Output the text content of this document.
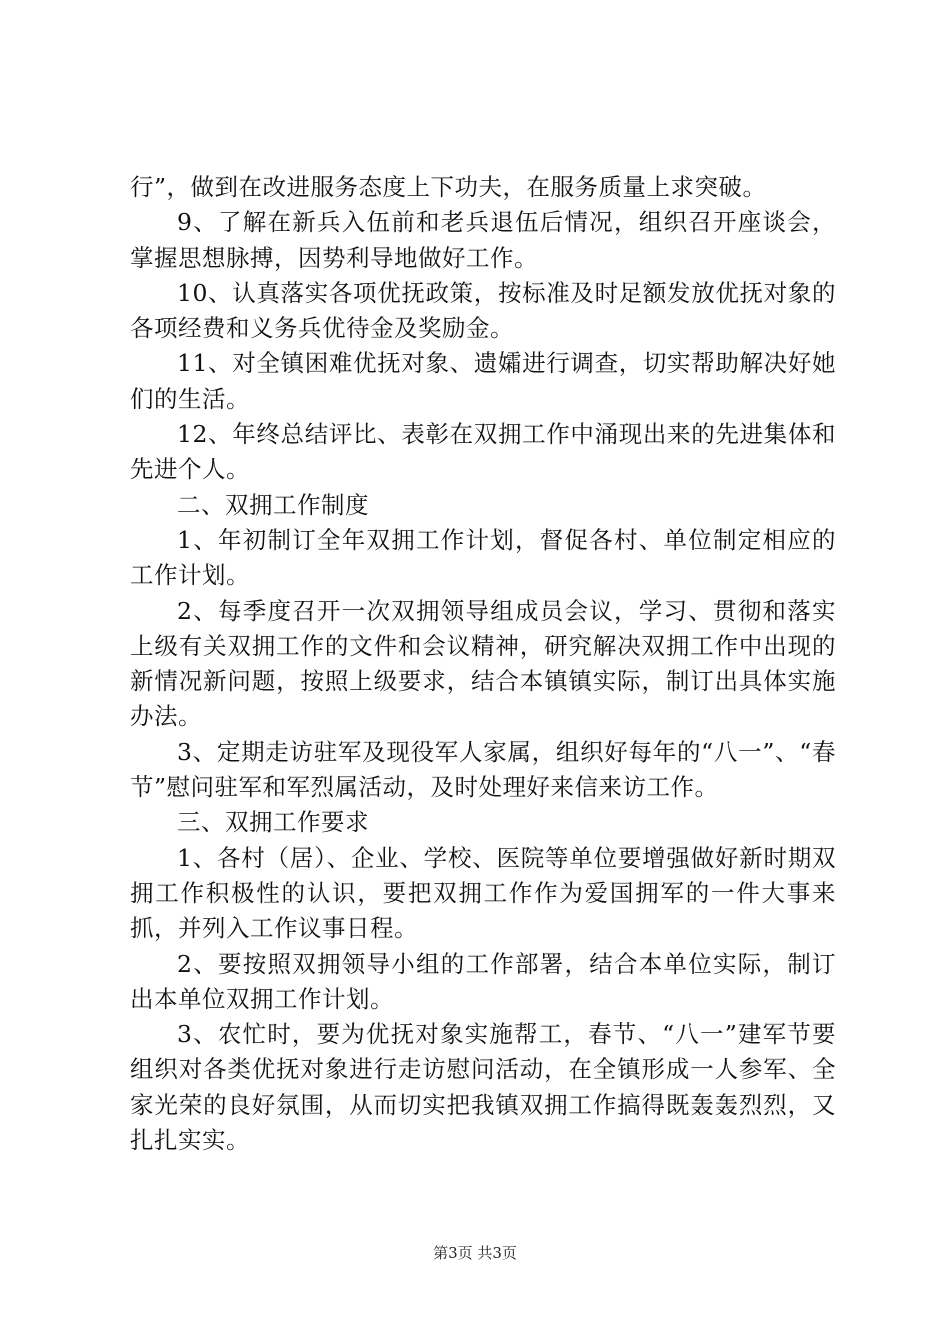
行”，做到在改进服务态度上下功夫，在服务质量上求突破。

9、了解在新兵入伍前和老兵退伍后情况，组织召开座谈会，掌握思想脉搏，因势利导地做好工作。

10、认真落实各项优抚政策，按标准及时足额发放优抚对象的各项经费和义务兵优待金及奖励金。

11、对全镇困难优抚对象、遗孀进行调查，切实帮助解决好她们的生活。

12、年终总结评比、表彰在双拥工作中涌现出来的先进集体和先进个人。

二、双拥工作制度

1、年初制订全年双拥工作计划，督促各村、单位制定相应的工作计划。

2、每季度召开一次双拥领导组成员会议，学习、贯彻和落实上级有关双拥工作的文件和会议精神，研究解决双拥工作中出现的新情况新问题，按照上级要求，结合本镇镇实际，制订出具体实施办法。

3、定期走访驻军及现役军人家属，组织好每年的“八一”、“春节”慰问驻军和军烈属活动，及时处理好来信来访工作。

三、双拥工作要求

1、各村（居）、企业、学校、医院等单位要增强做好新时期双拥工作积极性的认识，要把双拥工作作为爱国拥军的一件大事来抓，并列入工作议事日程。

2、要按照双拥领导小组的工作部署，结合本单位实际，制订出本单位双拥工作计划。

3、农忙时，要为优抚对象实施帮工，春节、“八一”建军节要组织对各类优抚对象进行走访慰问活动，在全镇形成一人参军、全家光荣的良好氛围，从而切实把我镇双拥工作搞得既轰轰烈烈，又扎扎实实。

第3页 共3页
